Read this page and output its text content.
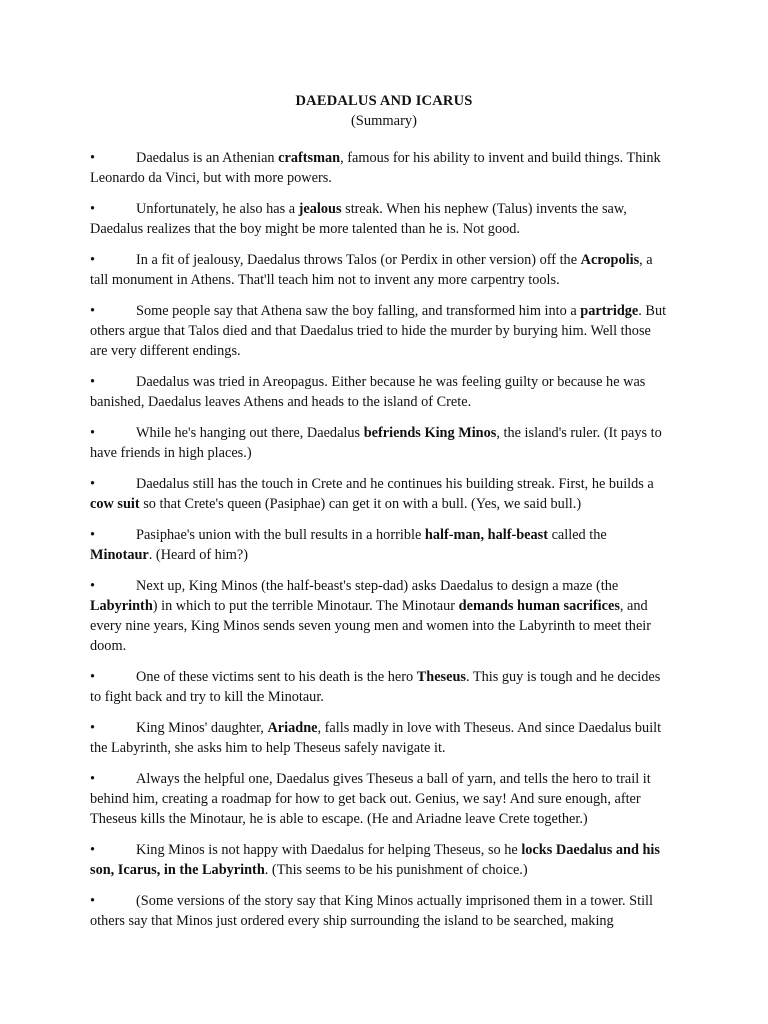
DAEDALUS AND ICARUS
(Summary)

•	Daedalus is an Athenian craftsman, famous for his ability to invent and build things. Think Leonardo da Vinci, but with more powers.

•	Unfortunately, he also has a jealous streak. When his nephew (Talus) invents the saw, Daedalus realizes that the boy might be more talented than he is. Not good.

•	In a fit of jealousy, Daedalus throws Talos (or Perdix in other version) off the Acropolis, a tall monument in Athens. That'll teach him not to invent any more carpentry tools.

•	Some people say that Athena saw the boy falling, and transformed him into a partridge. But others argue that Talos died and that Daedalus tried to hide the murder by burying him. Well those are very different endings.

•	Daedalus was tried in Areopagus. Either because he was feeling guilty or because he was banished, Daedalus leaves Athens and heads to the island of Crete.

•	While he's hanging out there, Daedalus befriends King Minos, the island's ruler. (It pays to have friends in high places.)

•	Daedalus still has the touch in Crete and he continues his building streak. First, he builds a cow suit so that Crete's queen (Pasiphae) can get it on with a bull. (Yes, we said bull.)

•	Pasiphae's union with the bull results in a horrible half-man, half-beast called the Minotaur. (Heard of him?)

•	Next up, King Minos (the half-beast's step-dad) asks Daedalus to design a maze (the Labyrinth) in which to put the terrible Minotaur. The Minotaur demands human sacrifices, and every nine years, King Minos sends seven young men and women into the Labyrinth to meet their doom.

•	One of these victims sent to his death is the hero Theseus. This guy is tough and he decides to fight back and try to kill the Minotaur.

•	King Minos' daughter, Ariadne, falls madly in love with Theseus. And since Daedalus built the Labyrinth, she asks him to help Theseus safely navigate it.

•	Always the helpful one, Daedalus gives Theseus a ball of yarn, and tells the hero to trail it behind him, creating a roadmap for how to get back out. Genius, we say! And sure enough, after Theseus kills the Minotaur, he is able to escape. (He and Ariadne leave Crete together.)

•	King Minos is not happy with Daedalus for helping Theseus, so he locks Daedalus and his son, Icarus, in the Labyrinth. (This seems to be his punishment of choice.)

•	(Some versions of the story say that King Minos actually imprisoned them in a tower. Still others say that Minos just ordered every ship surrounding the island to be searched, making
